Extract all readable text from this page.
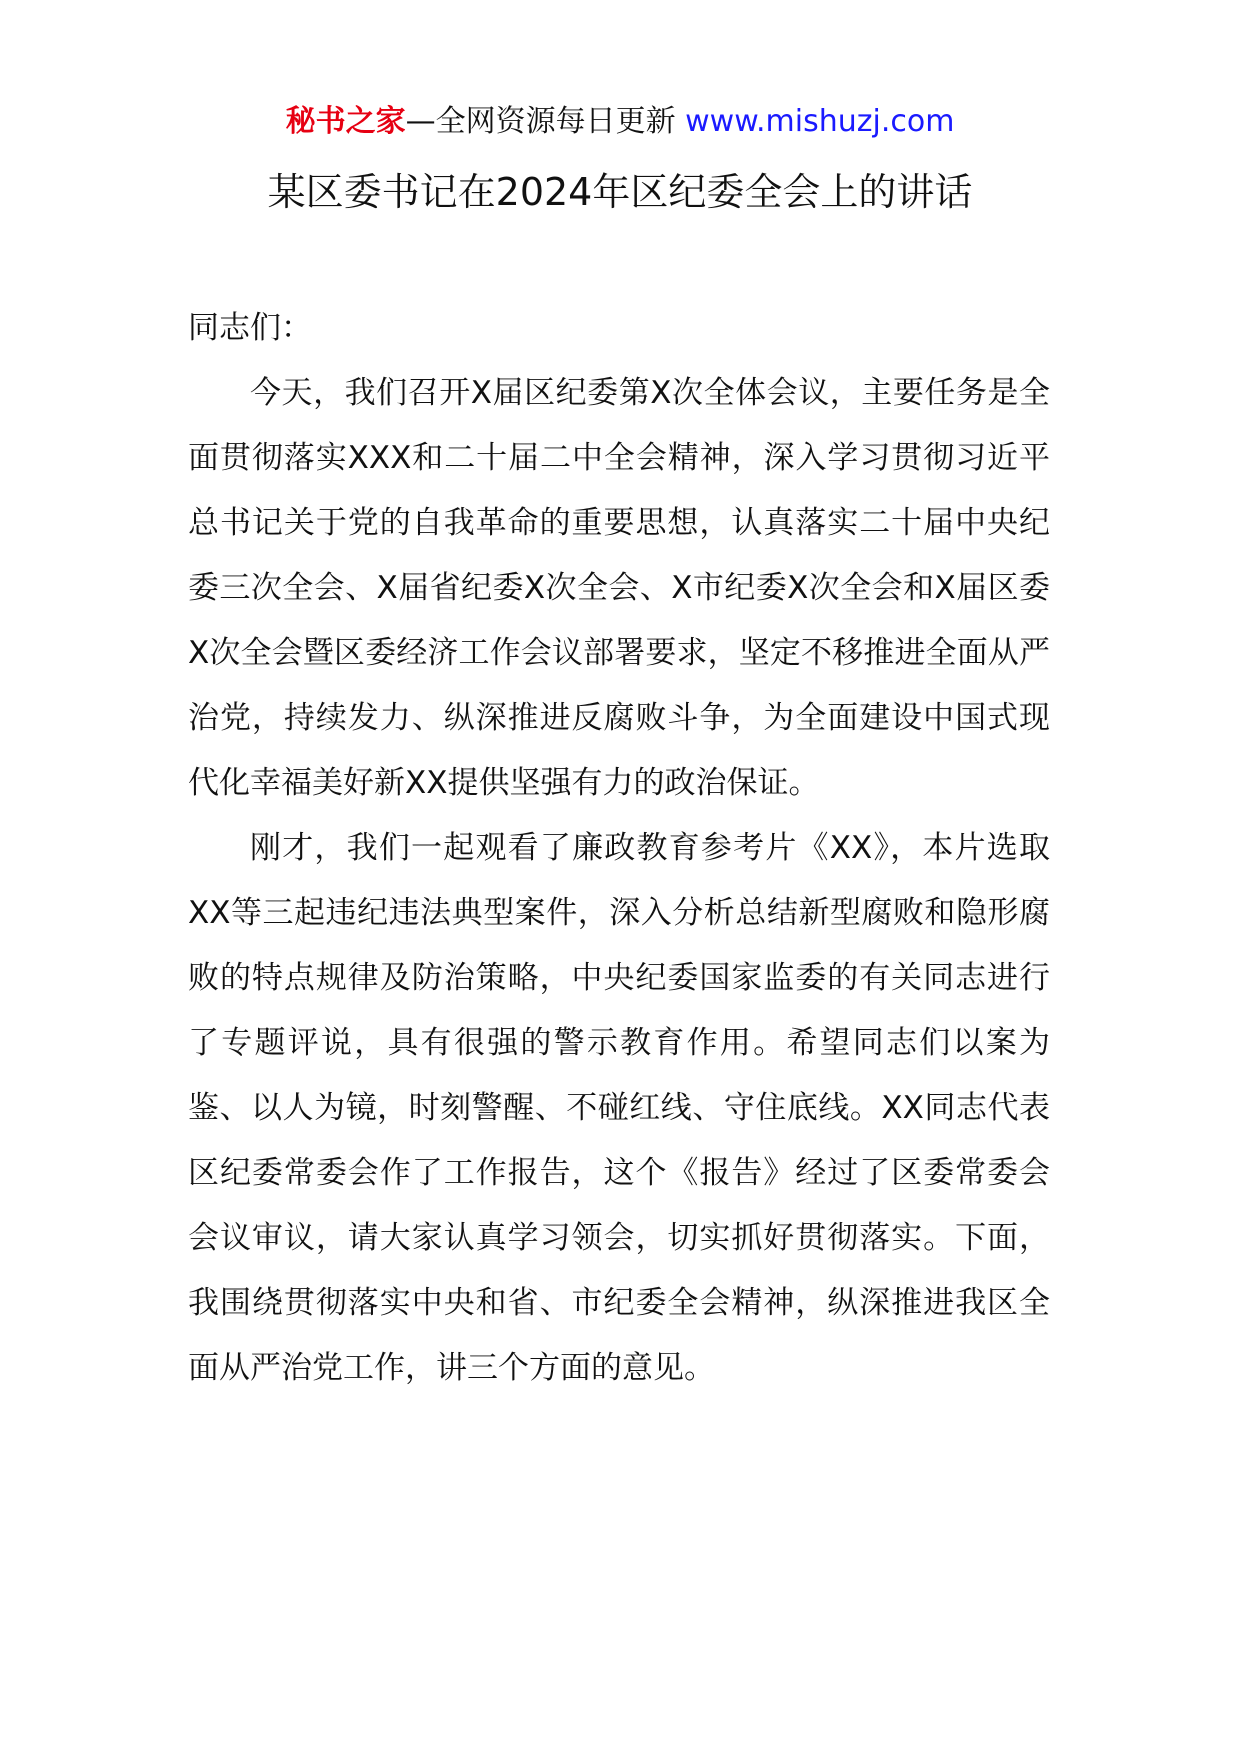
秘书之家—全网资源每日更新 www.mishuzj.com
某区委书记在2024年区纪委全会上的讲话

同志们：

今天，我们召开X届区纪委第X次全体会议，主要任务是全面贯彻落实XXX和二十届二中全会精神，深入学习贯彻习近平总书记关于党的自我革命的重要思想，认真落实二十届中央纪委三次全会、X届省纪委X次全会、X市纪委X次全会和X届区委X次全会暨区委经济工作会议部署要求，坚定不移推进全面从严治党，持续发力、纵深推进反腐败斗争，为全面建设中国式现代化幸福美好新XX提供坚强有力的政治保证。

刚才，我们一起观看了廉政教育参考片《XX》，本片选取XX等三起违纪违法典型案件，深入分析总结新型腐败和隐形腐败的特点规律及防治策略，中央纪委国家监委的有关同志进行了专题评说，具有很强的警示教育作用。希望同志们以案为鉴、以人为镜，时刻警醒、不碰红线、守住底线。XX同志代表区纪委常委会作了工作报告，这个《报告》经过了区委常委会会议审议，请大家认真学习领会，切实抓好贯彻落实。下面，我围绕贯彻落实中央和省、市纪委全会精神，纵深推进我区全面从严治党工作，讲三个方面的意见。
